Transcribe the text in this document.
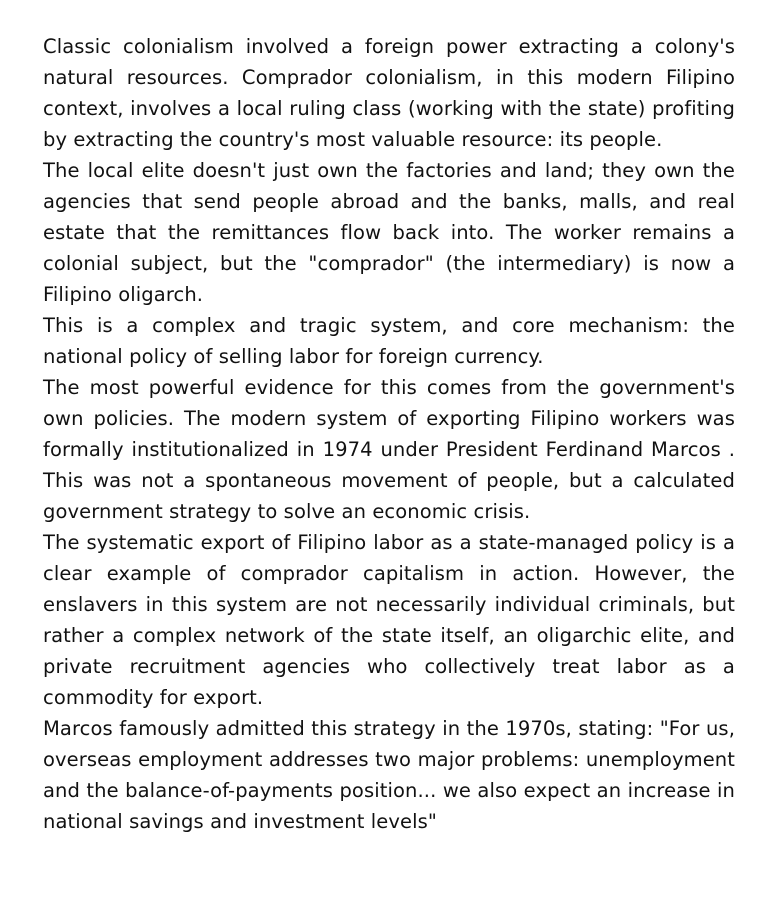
Classic colonialism involved a foreign power extracting a colony's natural resources. Comprador colonialism, in this modern Filipino context, involves a local ruling class (working with the state) profiting by extracting the country's most valuable resource: its people.

The local elite doesn't just own the factories and land; they own the agencies that send people abroad and the banks, malls, and real estate that the remittances flow back into. The worker remains a colonial subject, but the "comprador" (the intermediary) is now a Filipino oligarch.

This is a complex and tragic system, and core mechanism: the national policy of selling labor for foreign currency.

The most powerful evidence for this comes from the government's own policies. The modern system of exporting Filipino workers was formally institutionalized in 1974 under President Ferdinand Marcos . This was not a spontaneous movement of people, but a calculated government strategy to solve an economic crisis.

The systematic export of Filipino labor as a state-managed policy is a clear example of comprador capitalism in action. However, the enslavers in this system are not necessarily individual criminals, but rather a complex network of the state itself, an oligarchic elite, and private recruitment agencies who collectively treat labor as a commodity for export.

Marcos famously admitted this strategy in the 1970s, stating: "For us, overseas employment addresses two major problems: unemployment and the balance-of-payments position... we also expect an increase in national savings and investment levels"
